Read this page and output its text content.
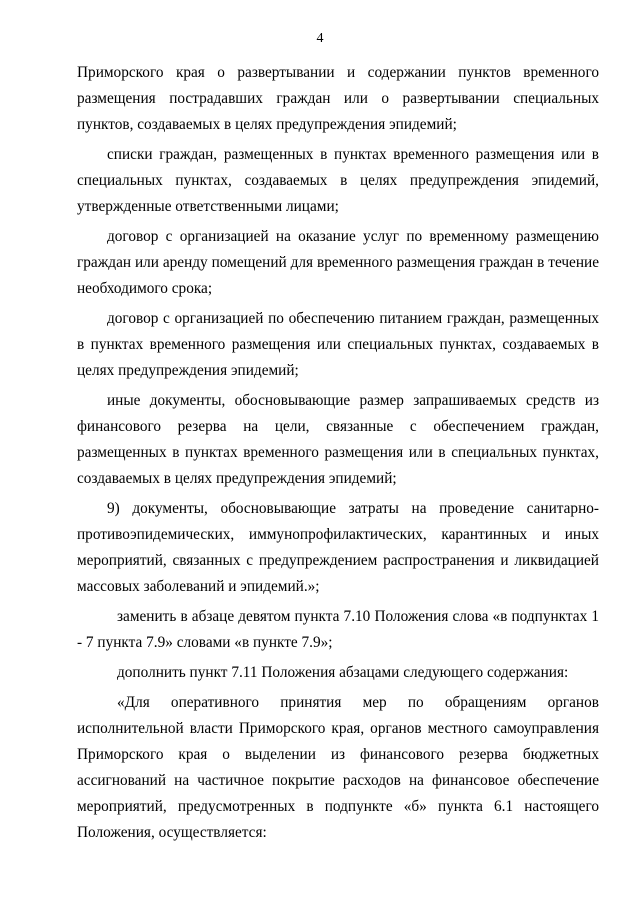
4

Приморского края о развертывании и содержании пунктов временного размещения пострадавших граждан или о развертывании специальных пунктов, создаваемых в целях предупреждения эпидемий;

списки граждан, размещенных в пунктах временного размещения или в специальных пунктах, создаваемых в целях предупреждения эпидемий, утвержденные ответственными лицами;

договор с организацией на оказание услуг по временному размещению граждан или аренду помещений для временного размещения граждан в течение необходимого срока;

договор с организацией по обеспечению питанием граждан, размещенных в пунктах временного размещения или специальных пунктах, создаваемых в целях предупреждения эпидемий;

иные документы, обосновывающие размер запрашиваемых средств из финансового резерва на цели, связанные с обеспечением граждан, размещенных в пунктах временного размещения или в специальных пунктах, создаваемых в целях предупреждения эпидемий;

9) документы, обосновывающие затраты на проведение санитарно-противоэпидемических, иммунопрофилактических, карантинных и иных мероприятий, связанных с предупреждением распространения и ликвидацией массовых заболеваний и эпидемий.»;

заменить в абзаце девятом пункта 7.10 Положения слова «в подпунктах 1 - 7 пункта 7.9» словами «в пункте 7.9»;

дополнить пункт 7.11 Положения абзацами следующего содержания:

«Для оперативного принятия мер по обращениям органов исполнительной власти Приморского края, органов местного самоуправления Приморского края о выделении из финансового резерва бюджетных ассигнований на частичное покрытие расходов на финансовое обеспечение мероприятий, предусмотренных в подпункте «б» пункта 6.1 настоящего Положения, осуществляется:
